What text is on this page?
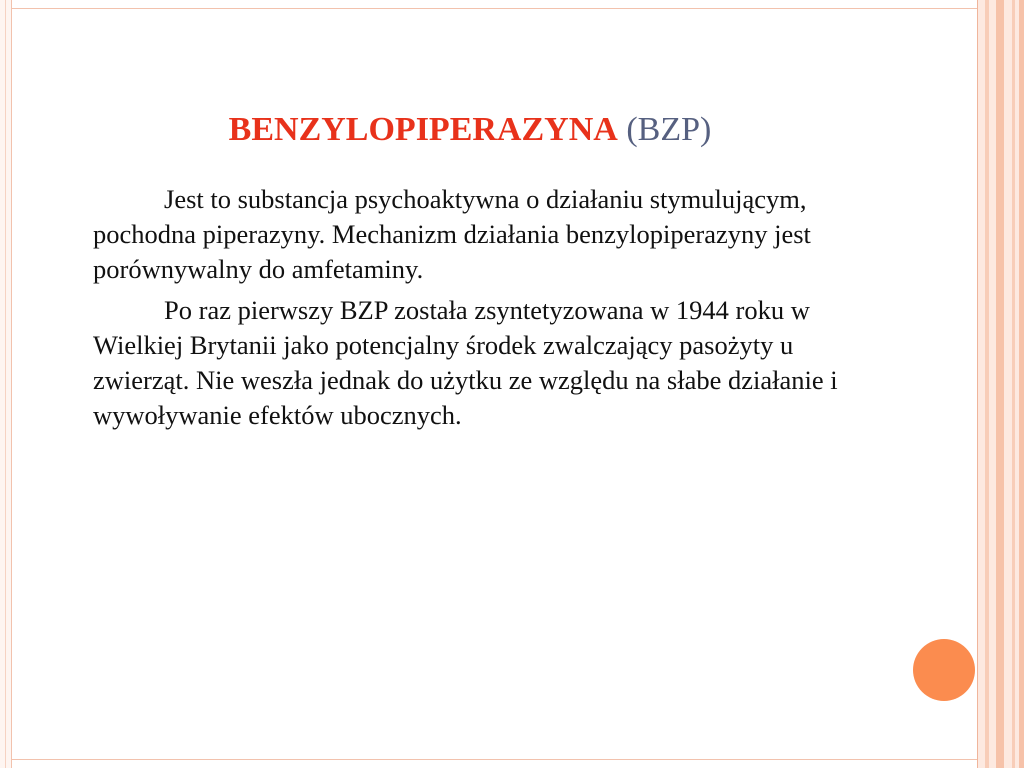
BENZYLOPIPERAZYNA (BZP)

Jest to substancja psychoaktywna o działaniu stymulującym, pochodna piperazyny. Mechanizm działania benzylopiperazyny jest porównywalny do amfetaminy.

Po raz pierwszy BZP została zsyntetyzowana w 1944 roku w Wielkiej Brytanii jako potencjalny środek zwalczający pasożyty u zwierząt. Nie weszła jednak do użytku ze względu na słabe działanie i wywoływanie efektów ubocznych.
